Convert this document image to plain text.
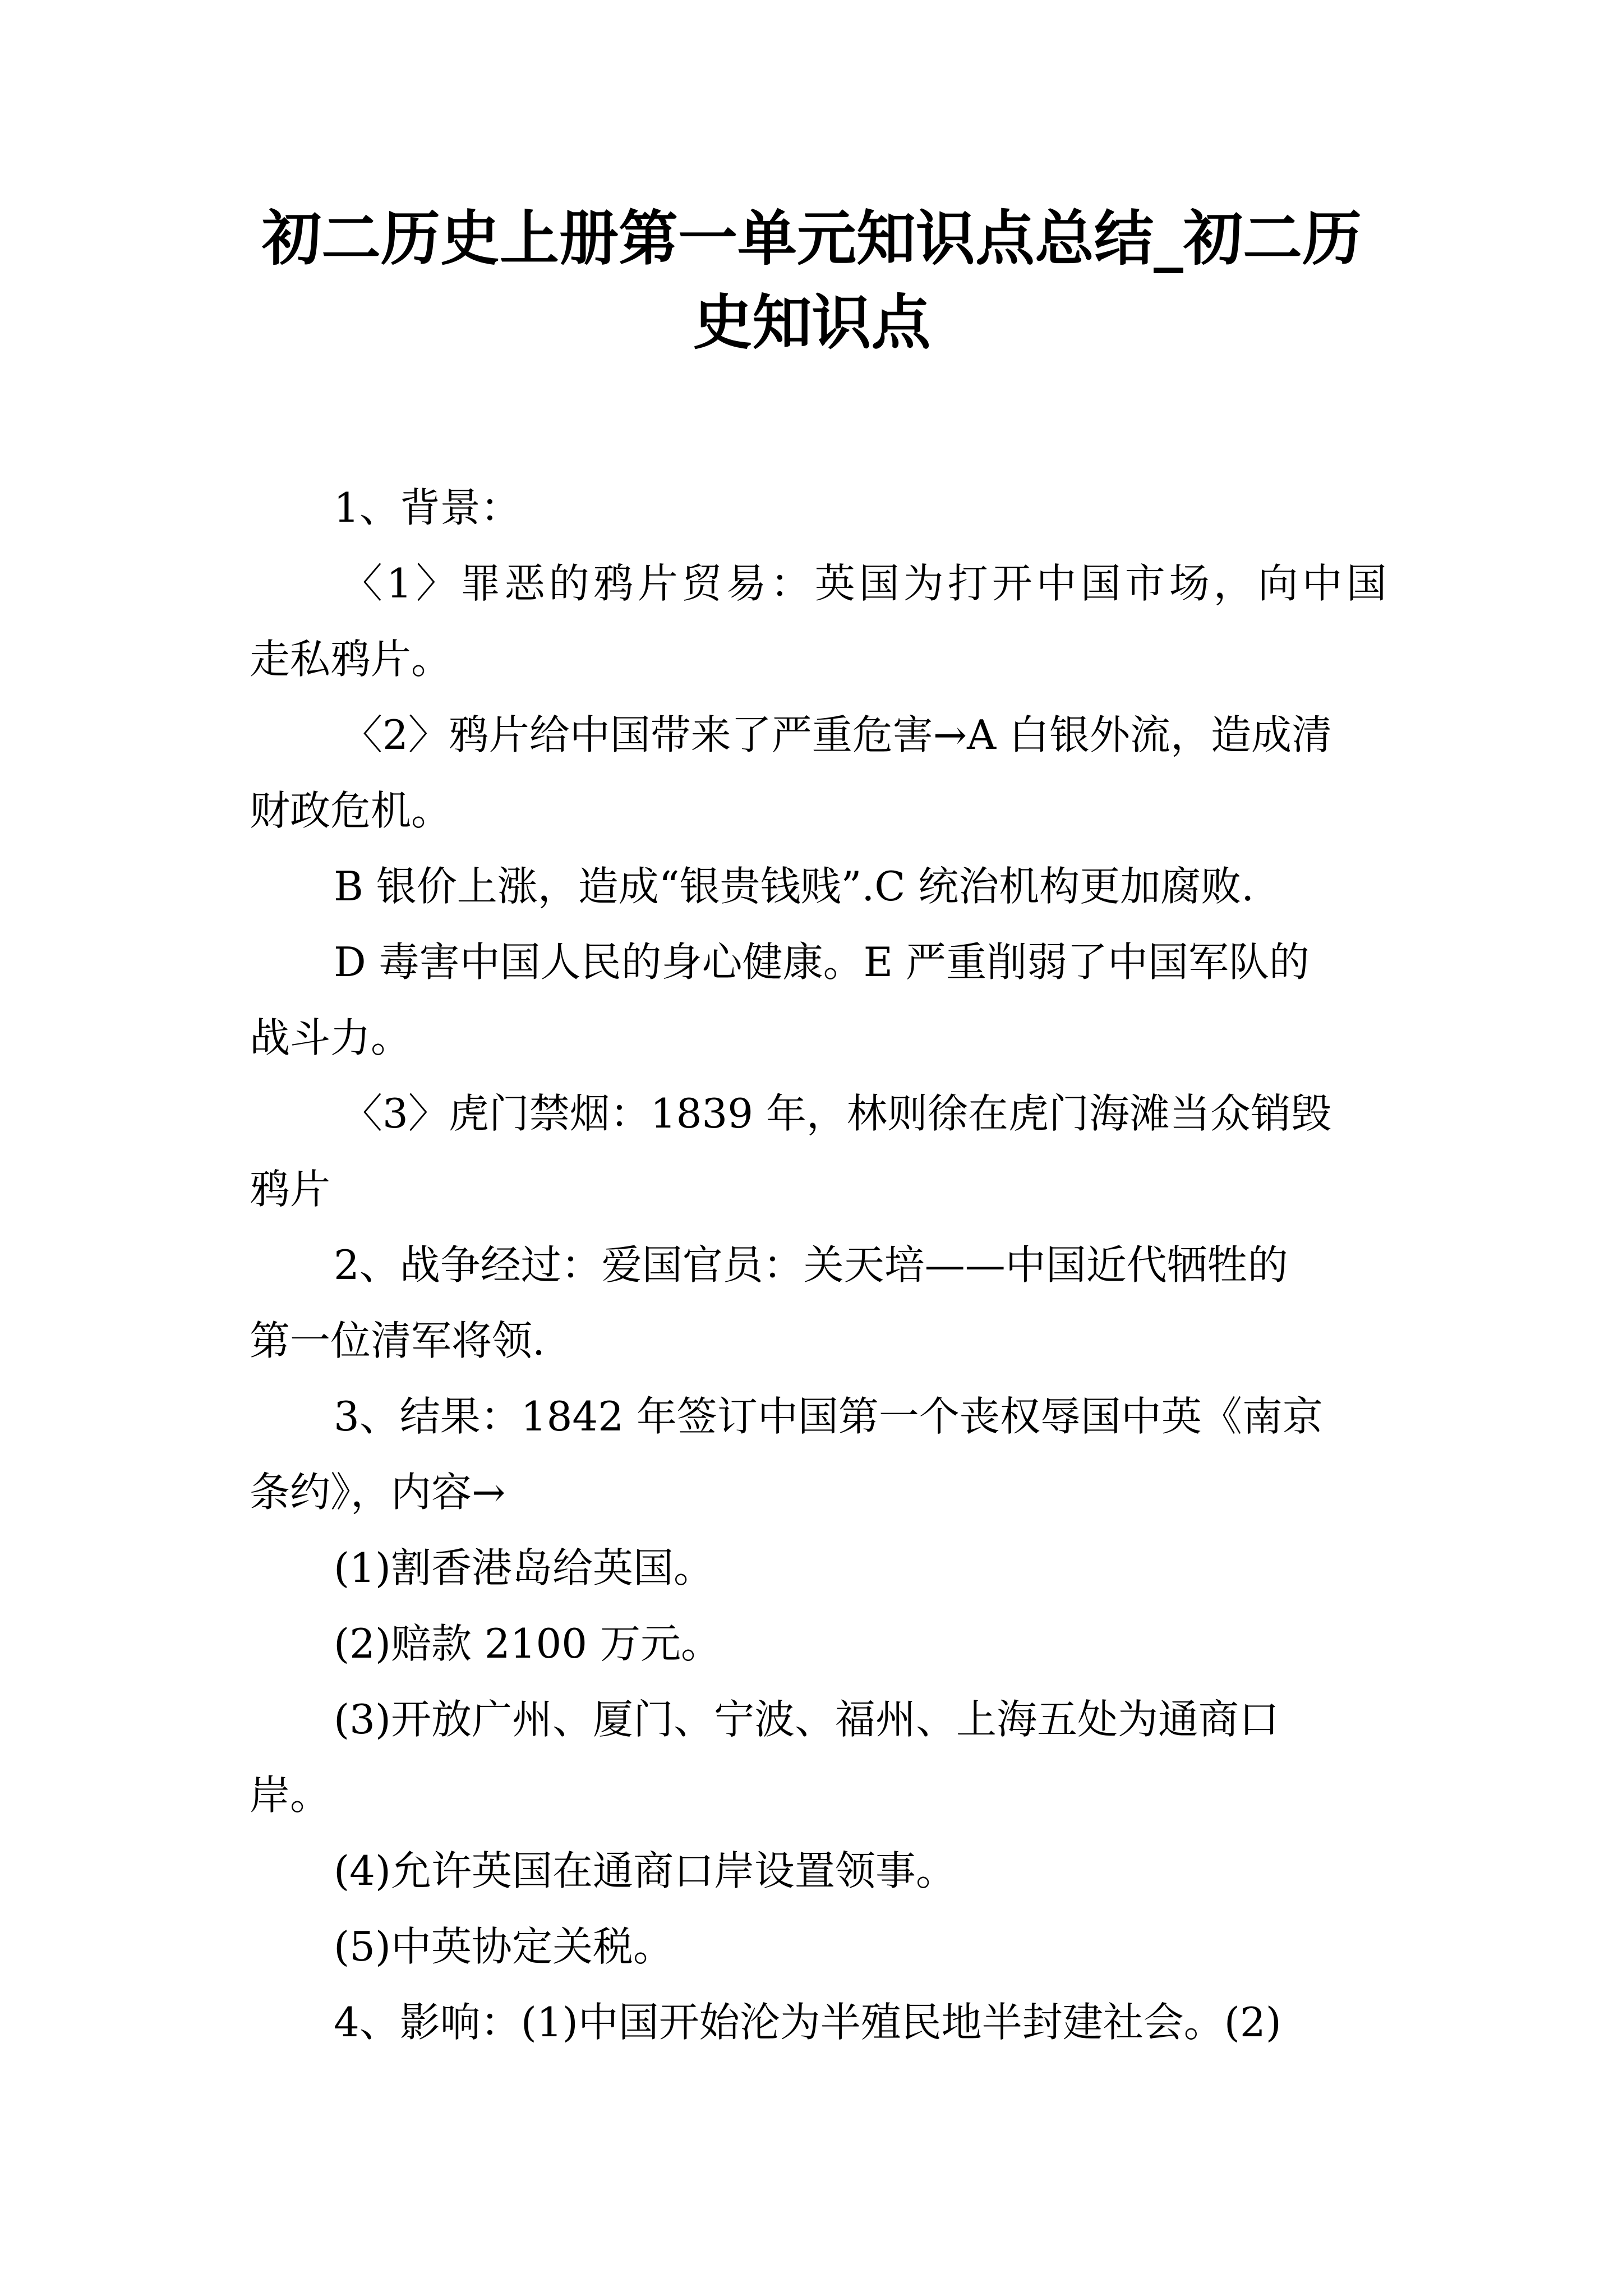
初二历史上册第一单元知识点总结_初二历
史知识点

1、背景：

〈1〉罪恶的鸦片贸易：英国为打开中国市场，向中国

走私鸦片。

〈2〉鸦片给中国带来了严重危害→A 白银外流，造成清

财政危机。

B 银价上涨，造成“银贵钱贱”.C 统治机构更加腐败.

D 毒害中国人民的身心健康。E 严重削弱了中国军队的

战斗力。

〈3〉虎门禁烟：1839 年，林则徐在虎门海滩当众销毁

鸦片

2、战争经过：爱国官员：关天培——中国近代牺牲的

第一位清军将领.

3、结果：1842 年签订中国第一个丧权辱国中英《南京

条约》，内容→

(1)割香港岛给英国。

(2)赔款 2100 万元。

(3)开放广州、厦门、宁波、福州、上海五处为通商口

岸。

(4)允许英国在通商口岸设置领事。

(5)中英协定关税。

4、影响：(1)中国开始沦为半殖民地半封建社会。(2)
